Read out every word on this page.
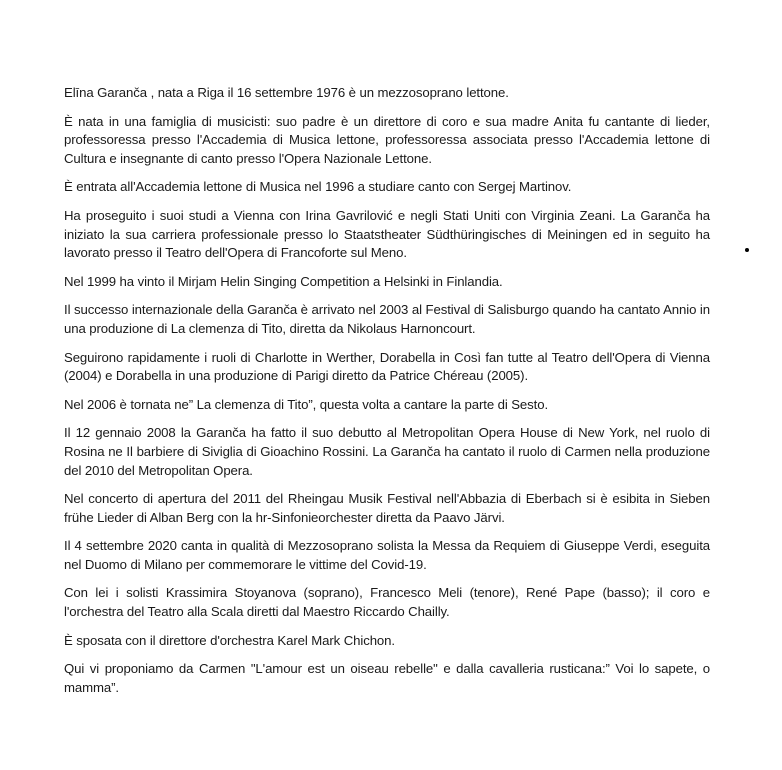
Elīna Garanča , nata a Riga il 16 settembre 1976 è un mezzosoprano lettone.

È nata in una famiglia di musicisti: suo padre è un direttore di coro e sua madre Anita fu cantante di lieder, professoressa presso l'Accademia di Musica lettone, professoressa associata presso l'Accademia lettone di Cultura e insegnante di canto presso l'Opera Nazionale Lettone.

È entrata all'Accademia lettone di Musica nel 1996 a studiare canto con Sergej Martinov.

Ha proseguito i suoi studi a Vienna con Irina Gavrilović e negli Stati Uniti con Virginia Zeani. La Garanča ha iniziato la sua carriera professionale presso lo Staatstheater Südthüringisches di Meiningen ed in seguito ha lavorato presso il Teatro dell'Opera di Francoforte sul Meno.

Nel 1999 ha vinto il Mirjam Helin Singing Competition a Helsinki in Finlandia.

Il successo internazionale della Garanča è arrivato nel 2003 al Festival di Salisburgo quando ha cantato Annio in una produzione di La clemenza di Tito, diretta da Nikolaus Harnoncourt.

Seguirono rapidamente i ruoli di Charlotte in Werther, Dorabella in Così fan tutte al Teatro dell'Opera di Vienna (2004) e Dorabella in una produzione di Parigi diretto da Patrice Chéreau (2005).

Nel 2006 è tornata ne” La clemenza di Tito”, questa volta a cantare la parte di Sesto.

Il 12 gennaio 2008 la Garanča ha fatto il suo debutto al Metropolitan Opera House di New York, nel ruolo di Rosina ne Il barbiere di Siviglia di Gioachino Rossini. La Garanča ha cantato il ruolo di Carmen nella produzione del 2010 del Metropolitan Opera.

Nel concerto di apertura del 2011 del Rheingau Musik Festival nell'Abbazia di Eberbach si è esibita in Sieben frühe Lieder di Alban Berg con la hr-Sinfonieorchester diretta da Paavo Järvi.

Il 4 settembre 2020 canta in qualità di Mezzosoprano solista la Messa da Requiem di Giuseppe Verdi, eseguita nel Duomo di Milano per commemorare le vittime del Covid-19.

Con lei i solisti Krassimira Stoyanova (soprano), Francesco Meli (tenore), René Pape (basso); il coro e l'orchestra del Teatro alla Scala diretti dal Maestro Riccardo Chailly.

È sposata con il direttore d'orchestra Karel Mark Chichon.

Qui vi proponiamo da Carmen "L'amour est un oiseau rebelle" e dalla cavalleria rusticana:” Voi lo sapete, o mamma”.
